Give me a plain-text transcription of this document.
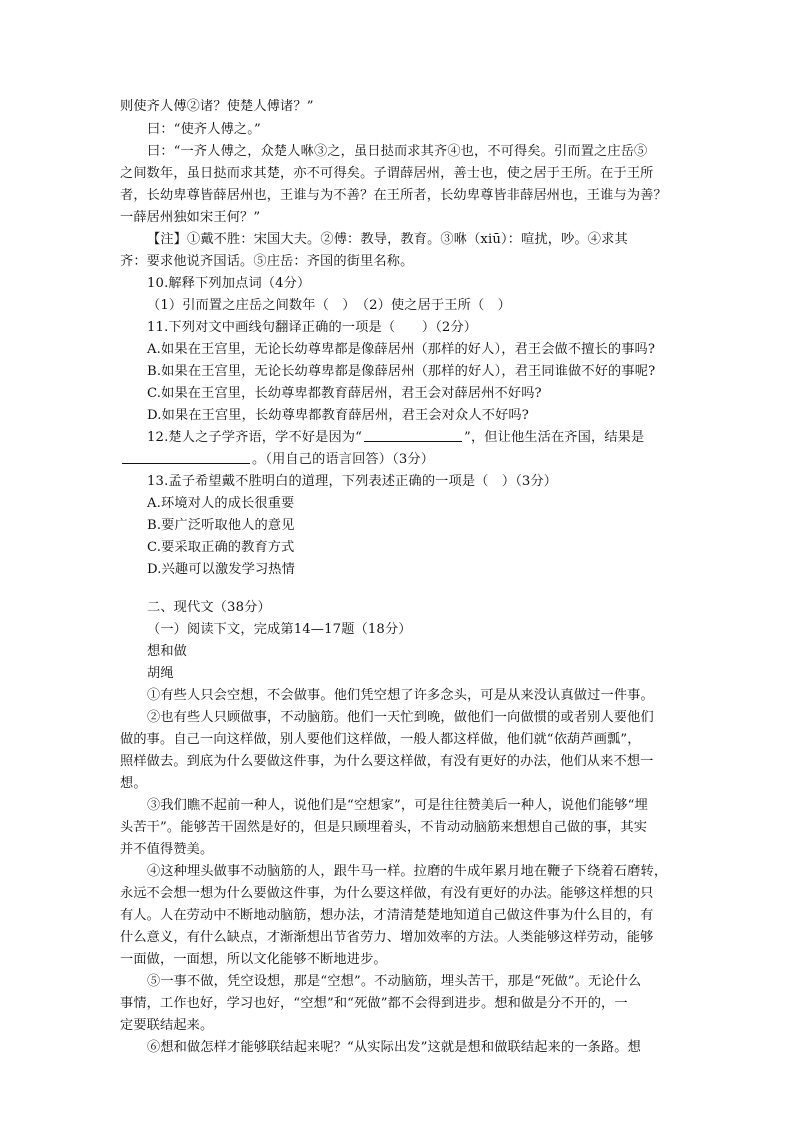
则使齐人傅②诸？使楚人傅诸？”
曰：“使齐人傅之。”
曰：“一齐人傅之，众楚人咻③之，虽日挞而求其齐④也，不可得矣。引而置之庄岳⑤
之间数年，虽日挞而求其楚，亦不可得矣。子谓薛居州，善士也，使之居于王所。在于王所
者，长幼卑尊皆薛居州也，王谁与为不善？在王所者，长幼卑尊皆非薛居州也，王谁与为善？
一薛居州独如宋王何？”
【注】①戴不胜：宋国大夫。②傅：教导，教育。③咻（xiū）：喧扰，吵。④求其
齐：要求他说齐国话。⑤庄岳：齐国的街里名称。
10.解释下列加点词（4分）
（1）引而置之庄岳之间数年（　）　（2）使之居于王所（　）
11.下列对文中画线句翻译正确的一项是（　　）（2分）
A.如果在王宫里，无论长幼尊卑都是像薛居州（那样的好人），君王会做不擅长的事吗?
B.如果在王宫里，无论长幼尊卑都是像薛居州（那样的好人），君王同谁做不好的事呢?
C.如果在王宫里，长幼尊卑都教育薛居州，君王会对薛居州不好吗?
D.如果在王宫里，长幼尊卑都教育薛居州，君王会对众人不好吗?
12.楚人之子学齐语，学不好是因为“	”，但让他生活在齐国，结果是
。（用自己的语言回答）（3分）
13.孟子希望戴不胜明白的道理，下列表述正确的一项是（　）（3分）
A.环境对人的成长很重要
B.要广泛听取他人的意见
C.要采取正确的教育方式
D.兴趣可以激发学习热情
二、现代文（38分）
（一）阅读下文，完成第14—17题（18分）
想和做
胡绳
①有些人只会空想，不会做事。他们凭空想了许多念头，可是从来没认真做过一件事。
②也有些人只顾做事，不动脑筋。他们一天忙到晚，做他们一向做惯的或者别人要他们
做的事。自己一向这样做，别人要他们这样做，一般人都这样做，他们就“依葫芦画瓢”，
照样做去。到底为什么要做这件事，为什么要这样做，有没有更好的办法，他们从来不想一
想。
③我们瞧不起前一种人，说他们是“空想家”，可是往往赞美后一种人，说他们能够“埋
头苦干”。能够苦干固然是好的，但是只顾埋着头，不肯动动脑筋来想想自己做的事，其实
并不值得赞美。
④这种埋头做事不动脑筋的人，跟牛马一样。拉磨的牛成年累月地在鞭子下绕着石磨转，
永远不会想一想为什么要做这件事，为什么要这样做，有没有更好的办法。能够这样想的只
有人。人在劳动中不断地动脑筋，想办法，才清清楚楚地知道自己做这件事为什么目的，有
什么意义，有什么缺点，才渐渐想出节省劳力、增加效率的方法。人类能够这样劳动，能够
一面做，一面想，所以文化能够不断地进步。
⑤一事不做，凭空设想，那是“空想”。不动脑筋，埋头苦干，那是“死做”。无论什么
事情，工作也好，学习也好，“空想”和“死做”都不会得到进步。想和做是分不开的，一
定要联结起来。
⑥想和做怎样才能够联结起来呢？“从实际出发”这就是想和做联结起来的一条路。想
